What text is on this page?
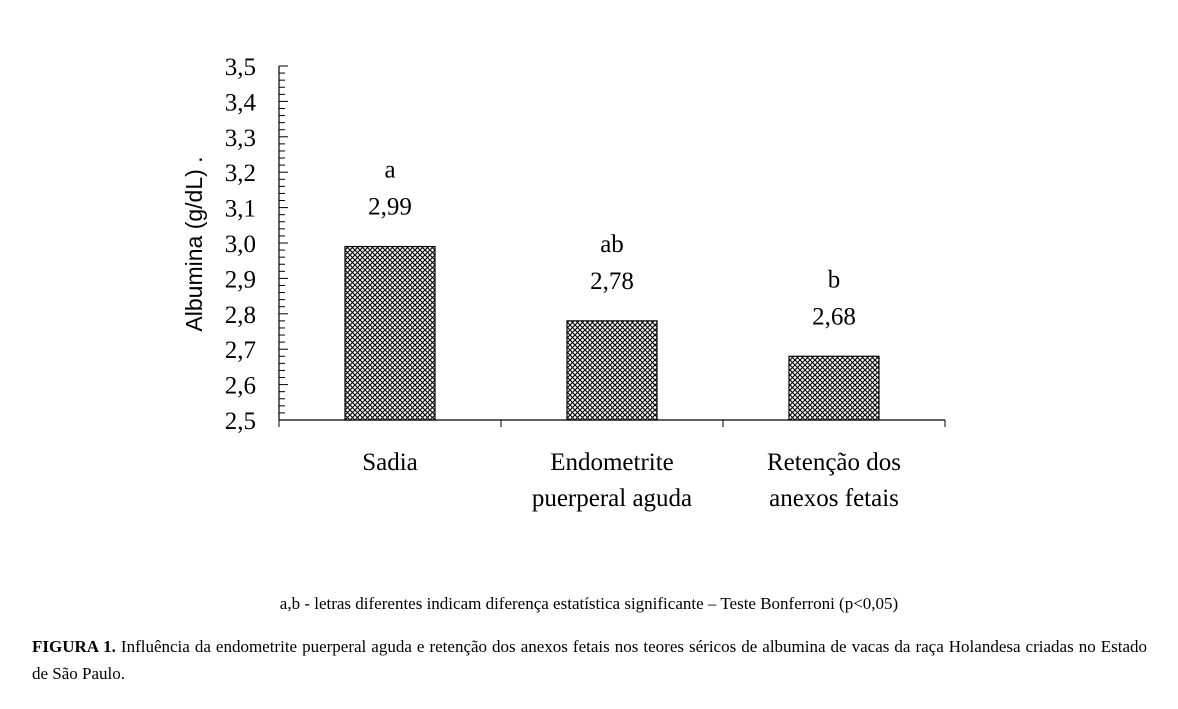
2,5
2,6
2,7
2,8
2,9
3,0
3,1
3,2
3,3
3,4
3,5
Sadia	Endometrite
puerperal aguda
Retenção dos
anexos fetais
2,99
a
2,78
ab
2,68
b
Albumina (g/dL) .
a,b - letras diferentes indicam diferença estatística significante – Teste Bonferroni (p<0,05)
FIGURA 1. Influência da endometrite puerperal aguda e retenção dos anexos fetais nos teores séricos de albumina de vacas da raça Holandesa criadas no Estado de São Paulo.
